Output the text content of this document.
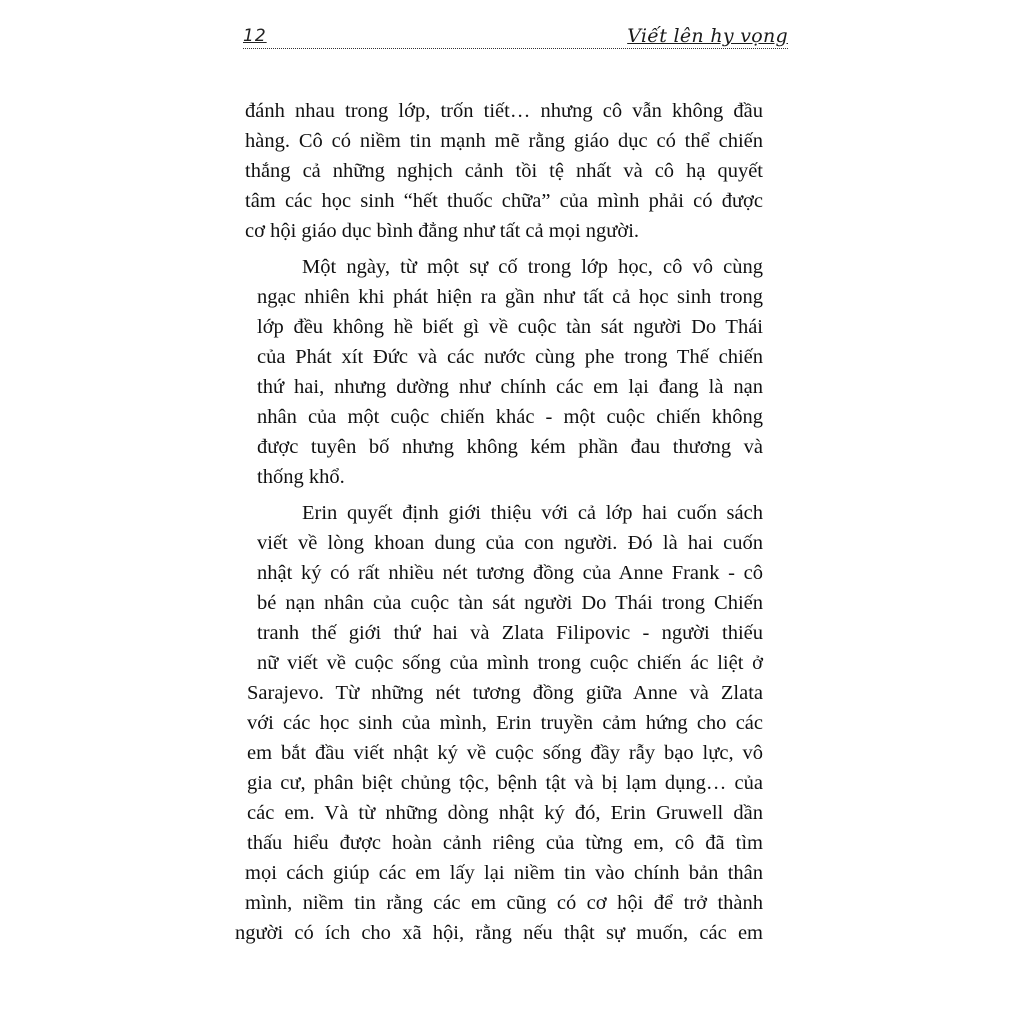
12	Viết lên hy vọng
đánh nhau trong lớp, trốn tiết… nhưng cô vẫn không đầu
hàng. Cô có niềm tin mạnh mẽ rằng giáo dục có thể chiến
thắng cả những nghịch cảnh tồi tệ nhất và cô hạ quyết
tâm các học sinh “hết thuốc chữa” của mình phải có được
cơ hội giáo dục bình đẳng như tất cả mọi người.
Một ngày, từ một sự cố trong lớp học, cô vô cùng
ngạc nhiên khi phát hiện ra gần như tất cả học sinh trong
lớp đều không hề biết gì về cuộc tàn sát người Do Thái
của Phát xít Đức và các nước cùng phe trong Thế chiến
thứ hai, nhưng dường như chính các em lại đang là nạn
nhân của một cuộc chiến khác - một cuộc chiến không
được tuyên bố nhưng không kém phần đau thương và
thống khổ.
Erin quyết định giới thiệu với cả lớp hai cuốn sách
viết về lòng khoan dung của con người. Đó là hai cuốn
nhật ký có rất nhiều nét tương đồng của Anne Frank - cô
bé nạn nhân của cuộc tàn sát người Do Thái trong Chiến
tranh thế giới thứ hai và Zlata Filipovic - người thiếu
nữ viết về cuộc sống của mình trong cuộc chiến ác liệt ở
Sarajevo. Từ những nét tương đồng giữa Anne và Zlata
với các học sinh của mình, Erin truyền cảm hứng cho các
em bắt đầu viết nhật ký về cuộc sống đầy rẫy bạo lực, vô
gia cư, phân biệt chủng tộc, bệnh tật và bị lạm dụng… của
các em. Và từ những dòng nhật ký đó, Erin Gruwell dần
thấu hiểu được hoàn cảnh riêng của từng em, cô đã tìm
mọi cách giúp các em lấy lại niềm tin vào chính bản thân
mình, niềm tin rằng các em cũng có cơ hội để trở thành
người có ích cho xã hội, rằng nếu thật sự muốn, các em
